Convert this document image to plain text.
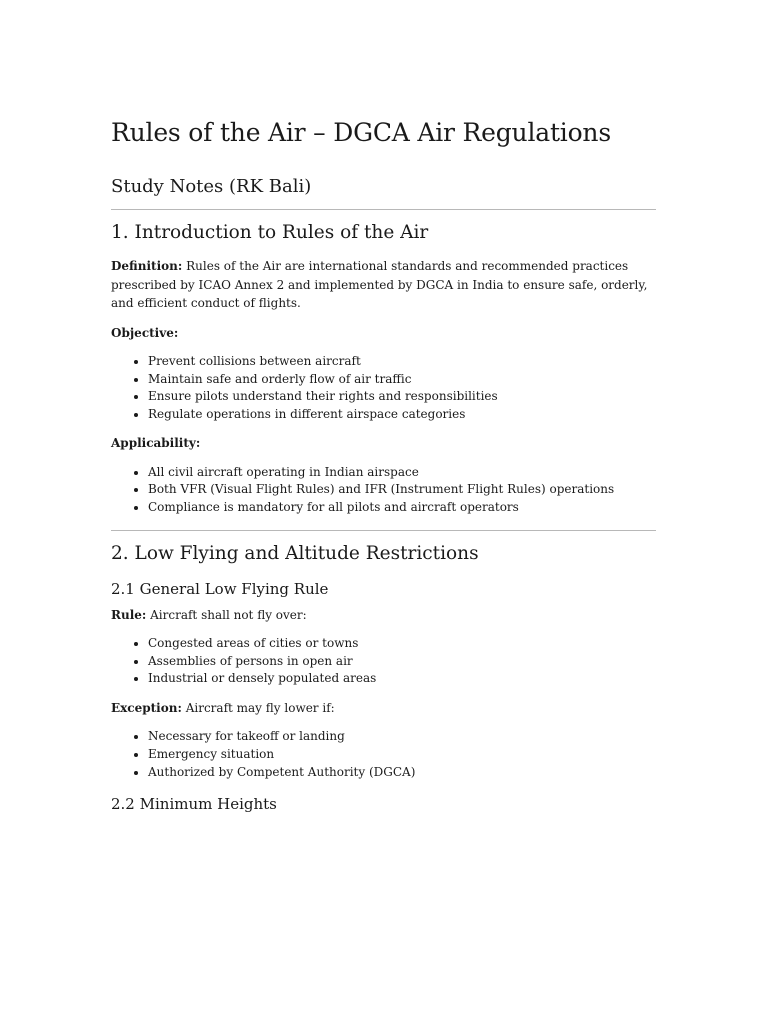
Rules of the Air – DGCA Air Regulations
Study Notes (RK Bali)
1. Introduction to Rules of the Air

Definition: Rules of the Air are international standards and recommended practices prescribed by ICAO Annex 2 and implemented by DGCA in India to ensure safe, orderly, and efficient conduct of flights.

Objective:

• Prevent collisions between aircraft
• Maintain safe and orderly flow of air traffic
• Ensure pilots understand their rights and responsibilities
• Regulate operations in different airspace categories

Applicability:

• All civil aircraft operating in Indian airspace
• Both VFR (Visual Flight Rules) and IFR (Instrument Flight Rules) operations
• Compliance is mandatory for all pilots and aircraft operators
2. Low Flying and Altitude Restrictions
2.1 General Low Flying Rule

Rule: Aircraft shall not fly over:

• Congested areas of cities or towns
• Assemblies of persons in open air
• Industrial or densely populated areas

Exception: Aircraft may fly lower if:

• Necessary for takeoff or landing
• Emergency situation
• Authorized by Competent Authority (DGCA)
2.2 Minimum Heights
